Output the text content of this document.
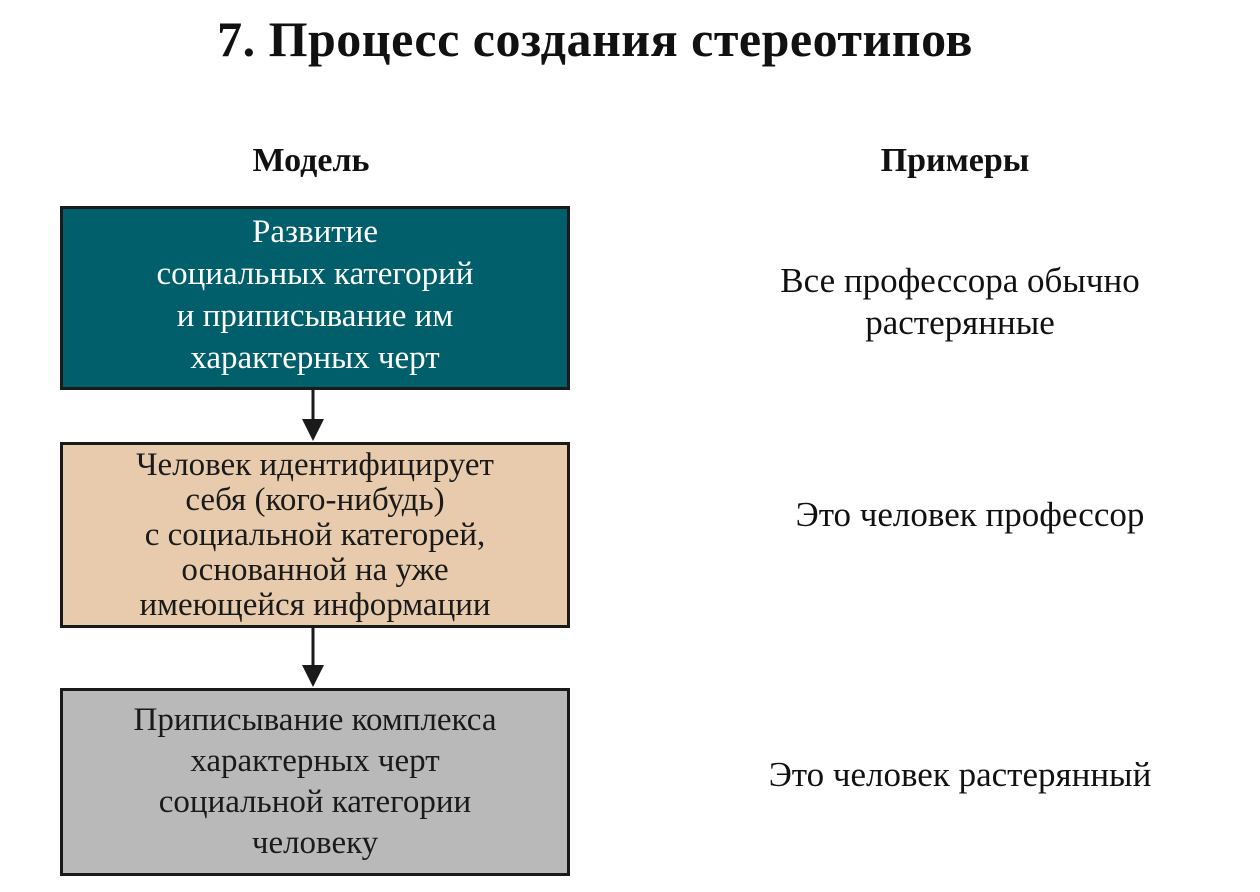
7. Процесс создания стереотипов
Модель	Примеры
Развитие
социальных категорий
и приписывание им
характерных черт
Человек идентифицирует
себя (кого-нибудь)
с социальной категорей,
основанной на уже
имеющейся информации
Приписывание комплекса
характерных черт
социальной категории
человеку
Все профессора обычно
растерянные
Это человек профессор
Это человек растерянный
